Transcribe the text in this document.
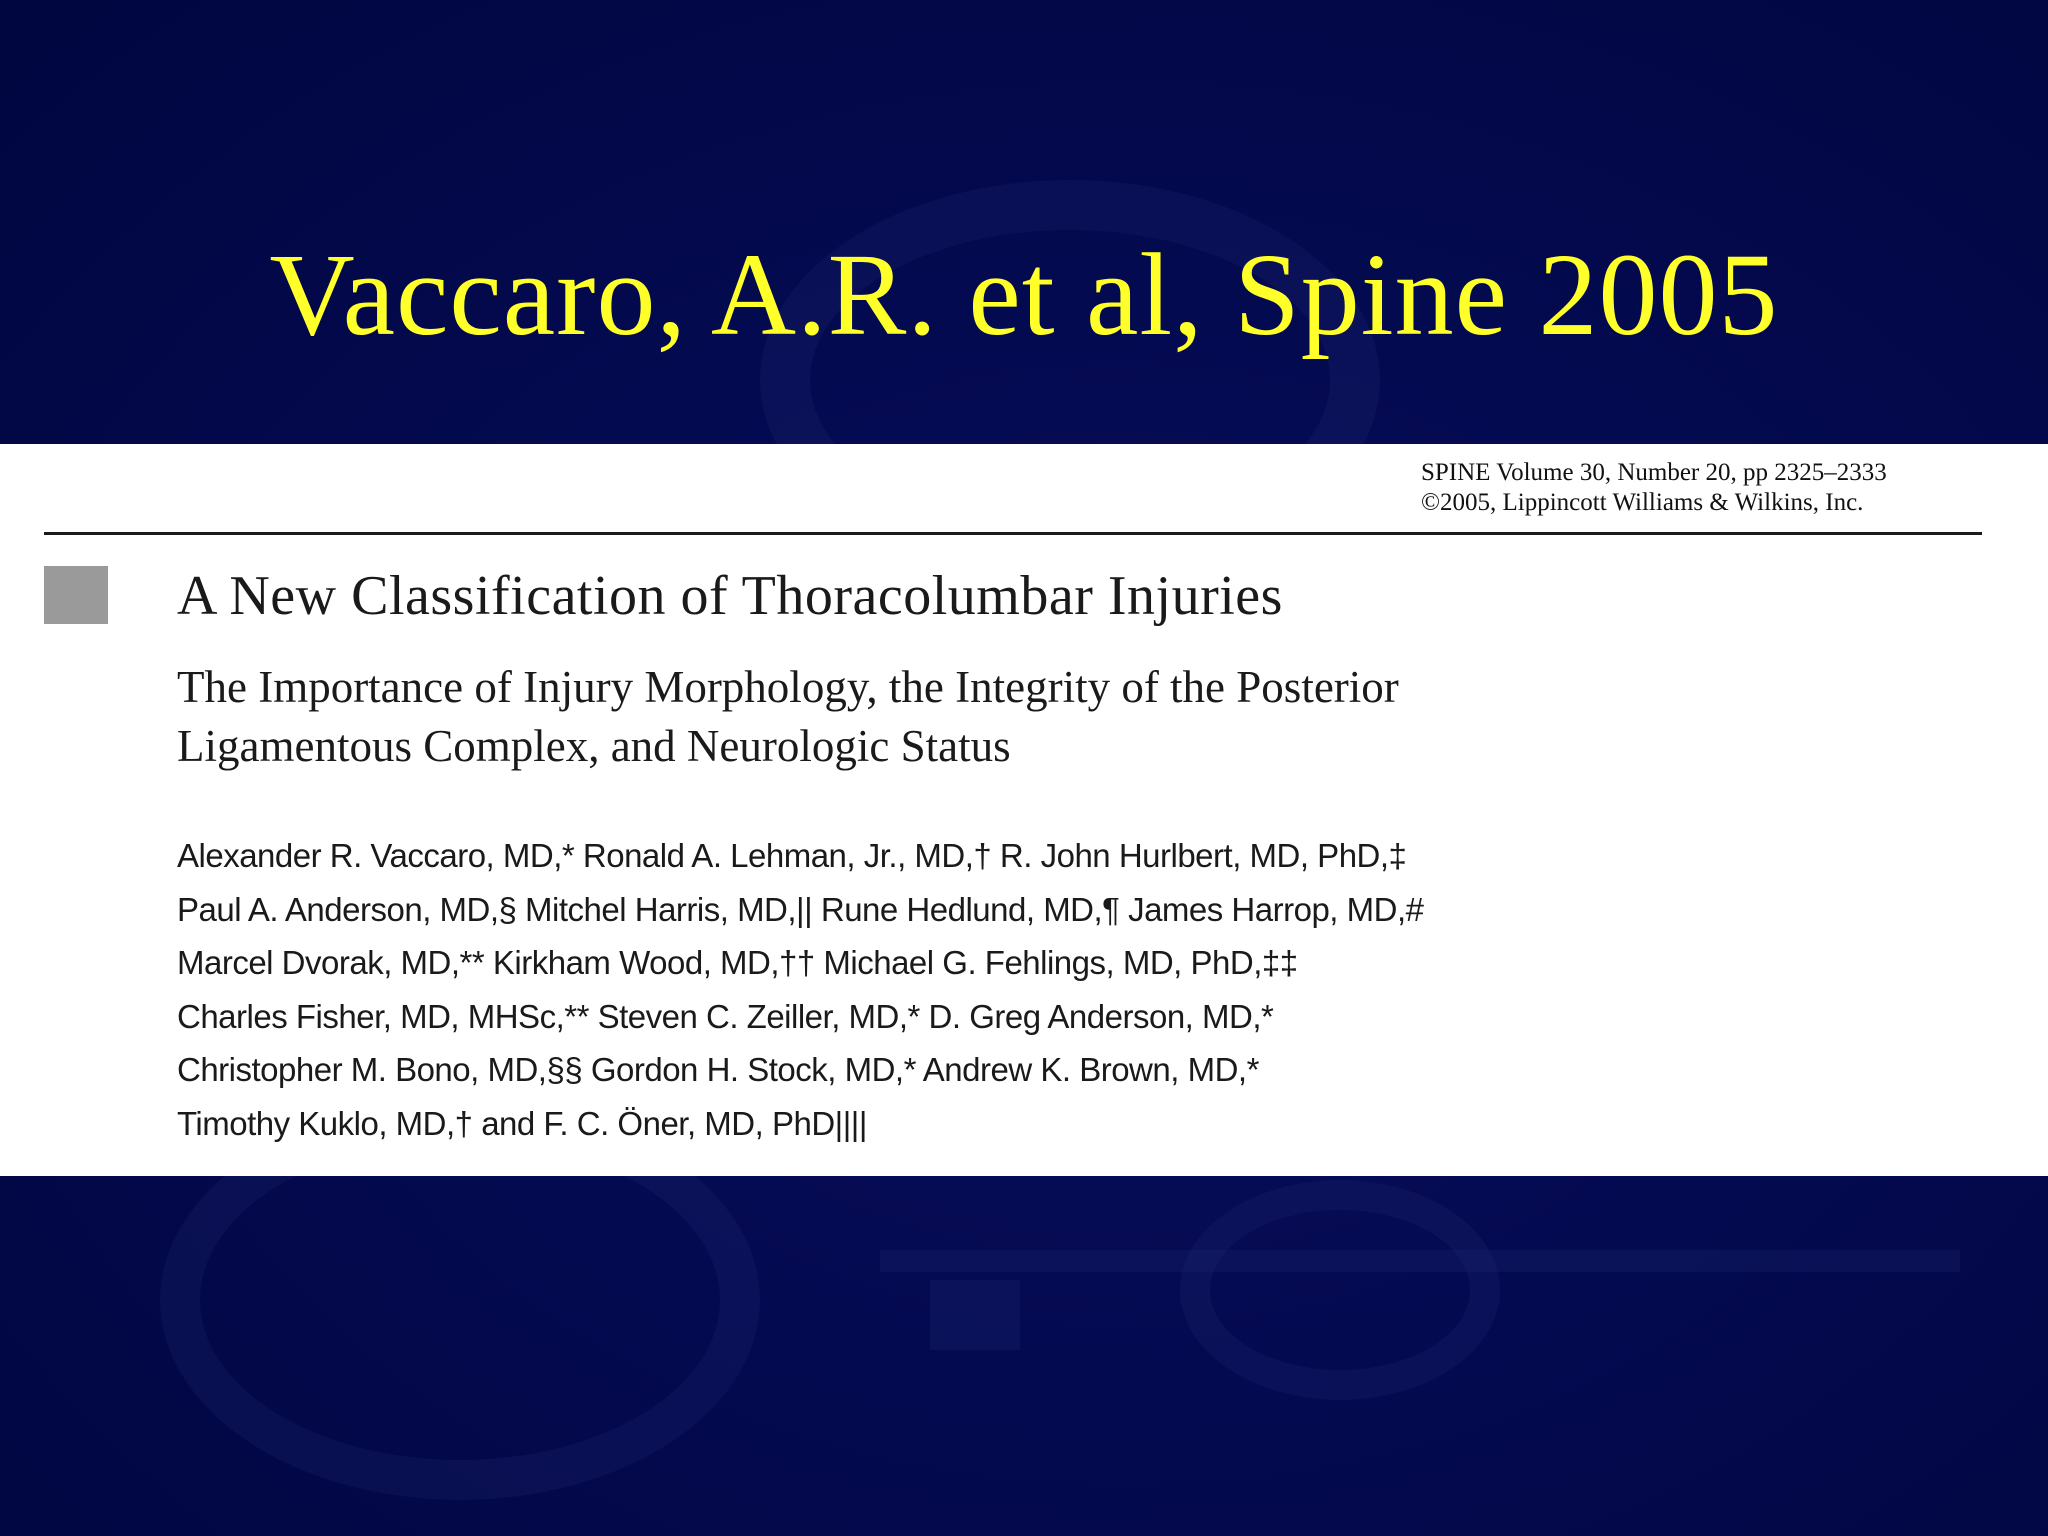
Vaccaro, A.R. et al, Spine 2005
SPINE Volume 30, Number 20, pp 2325–2333
©2005, Lippincott Williams & Wilkins, Inc.
A New Classification of Thoracolumbar Injuries
The Importance of Injury Morphology, the Integrity of the Posterior
Ligamentous Complex, and Neurologic Status
Alexander R. Vaccaro, MD,* Ronald A. Lehman, Jr., MD,† R. John Hurlbert, MD, PhD,‡
Paul A. Anderson, MD,§ Mitchel Harris, MD,|| Rune Hedlund, MD,¶ James Harrop, MD,#
Marcel Dvorak, MD,** Kirkham Wood, MD,†† Michael G. Fehlings, MD, PhD,‡‡
Charles Fisher, MD, MHSc,** Steven C. Zeiller, MD,* D. Greg Anderson, MD,*
Christopher M. Bono, MD,§§ Gordon H. Stock, MD,* Andrew K. Brown, MD,*
Timothy Kuklo, MD,† and F. C. Öner, MD, PhD||||
